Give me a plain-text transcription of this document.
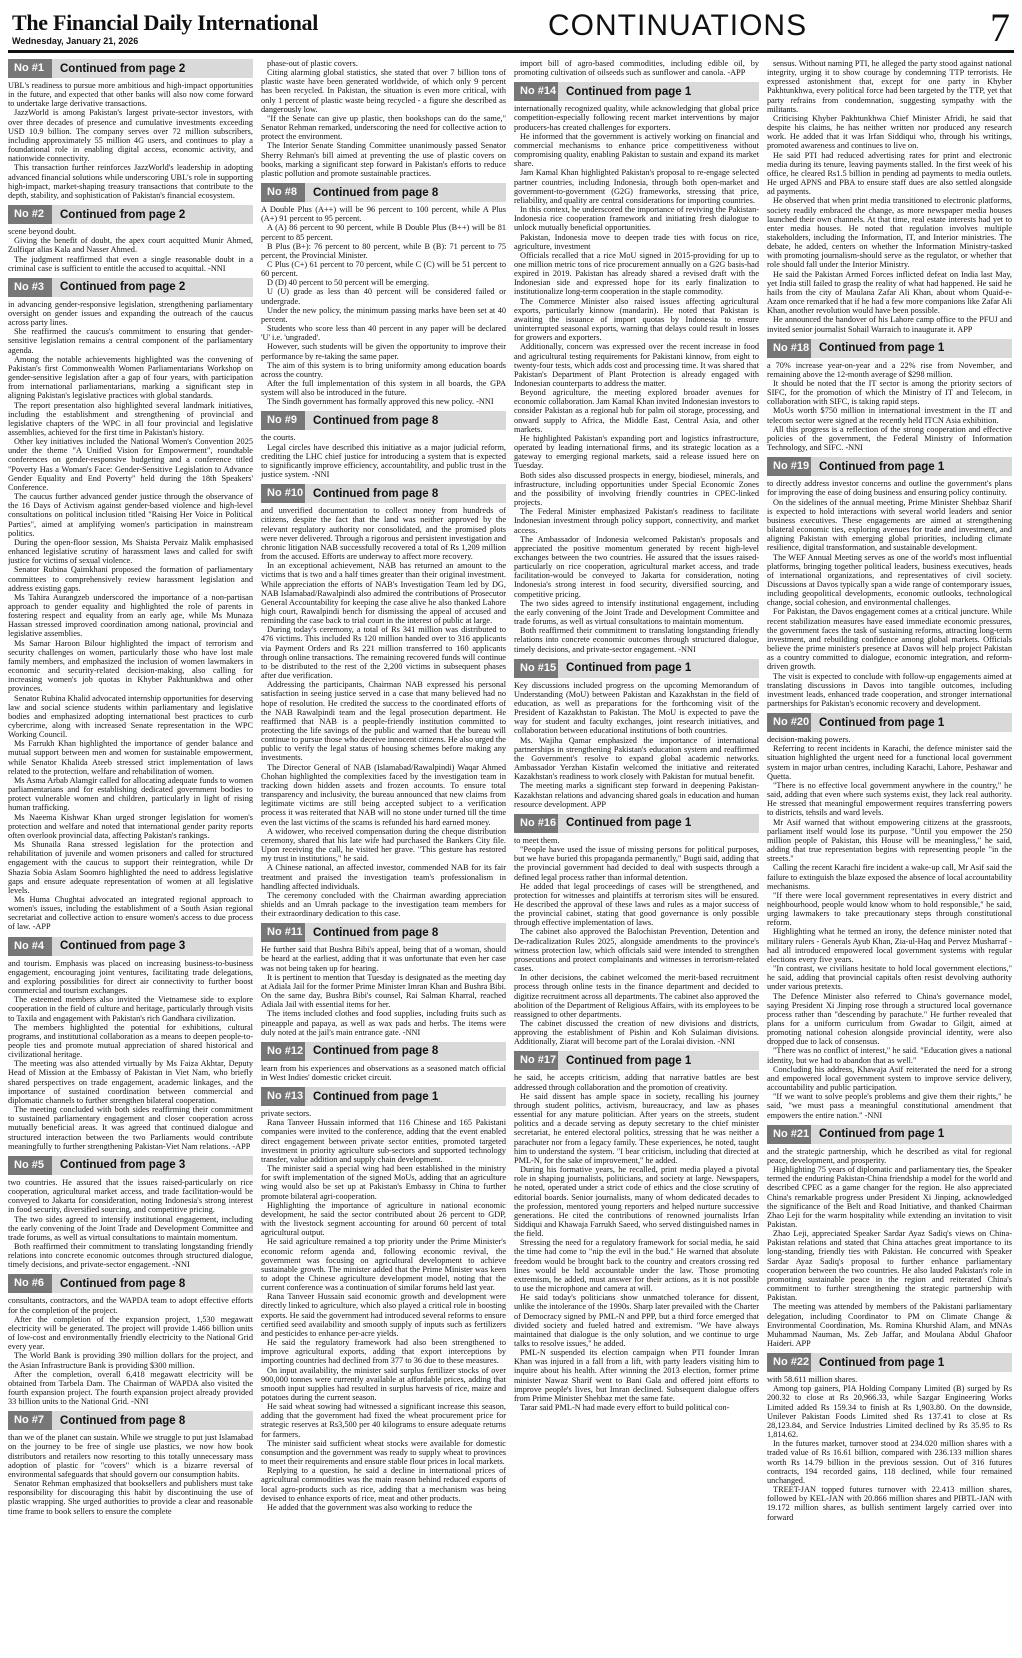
The Financial Daily International
Wednesday, January 21, 2026	CONTINUATIONS	7
No #1	Continued from page 2

UBL's readiness to pursue more ambitious and high-impact opportunities in the future, and expected that other banks will also now come forward to undertake large derivative transactions.

JazzWorld is among Pakistan's largest private-sector investors, with over three decades of presence and cumulative investments exceeding USD 10.9 billion. The company serves over 72 million subscribers, including approximately 55 million 4G users, and continues to play a foundational role in enabling digital access, economic activity, and nationwide connectivity.

This transaction further reinforces JazzWorld's leadership in adopting advanced financial solutions while underscoring UBL's role in supporting high-impact, market-shaping treasury transactions that contribute to the depth, stability, and sophistication of Pakistan's financial ecosystem.

No #2	Continued from page 2

scene beyond doubt.

Giving the benefit of doubt, the apex court acquitted Munir Ahmed, Zulfiqar alias Kala and Nasser Ahmed.

The judgment reaffirmed that even a single reasonable doubt in a criminal case is sufficient to entitle the accused to acquittal. -NNI

No #3	Continued from page 2

in advancing gender-responsive legislation, strengthening parliamentary oversight on gender issues and expanding the outreach of the caucus across party lines.

She reaffirmed the caucus's commitment to ensuring that gender-sensitive legislation remains a central component of the parliamentary agenda.

Among the notable achievements highlighted was the convening of Pakistan's first Commonwealth Women Parliamentarians Workshop on gender-sensitive legislation after a gap of four years, with participation from international parliamentarians, marking a significant step in aligning Pakistan's legislative practices with global standards.

The report presentation also highlighted several landmark initiatives, including the establishment and strengthening of provincial and legislative chapters of the WPC in all four provincial and legislative assemblies, achieved for the first time in Pakistan's history.

Other key initiatives included the National Women's Convention 2025 under the theme "A Unified Vision for Empowerment", roundtable conferences on gender-responsive budgeting and a conference titled "Poverty Has a Woman's Face: Gender-Sensitive Legislation to Advance Gender Equality and End Poverty" held during the 18th Speakers' Conference.

The caucus further advanced gender justice through the observance of the 16 Days of Activism against gender-based violence and high-level consultations on political inclusion titled "Raising Her Voice in Political Parties", aimed at amplifying women's participation in mainstream politics.

During the open-floor session, Ms Shaista Pervaiz Malik emphasised enhanced legislative scrutiny of harassment laws and called for swift justice for victims of sexual violence.

Senator Rubina Qaimkhani proposed the formation of parliamentary committees to comprehensively review harassment legislation and address existing gaps.

Ms Tahira Aurangzeb underscored the importance of a non-partisan approach to gender equality and highlighted the role of parents in fostering respect and equality from an early age, while Ms Munaza Hassan stressed improved coordination among national, provincial and legislative assemblies.

Ms Samar Haroon Bilour highlighted the impact of terrorism and security challenges on women, particularly those who have lost male family members, and emphasized the inclusion of women lawmakers in economic and security-related decision-making, also calling for increasing women's job quotas in Khyber Pakhtunkhwa and other provinces.

Senator Rubina Khalid advocated internship opportunities for deserving law and social science students within parliamentary and legislative bodies and emphasized adopting international best practices to curb cybercrime, along with increased Senate representation in the WPC Working Council.

Ms Farrukh Khan highlighted the importance of gender balance and mutual support between men and women for sustainable empowerment, while Senator Khalida Ateeb stressed strict implementation of laws related to the protection, welfare and rehabilitation of women.

Ms Asma Arbab Alamgir called for allocating adequate funds to women parliamentarians and for establishing dedicated government bodies to protect vulnerable women and children, particularly in light of rising human trafficking.

Ms Naeema Kishwar Khan urged stronger legislation for women's protection and welfare and noted that international gender parity reports often overlook provincial data, affecting Pakistan's rankings.

Ms Shunaila Rana stressed legislation for the protection and rehabilitation of juvenile and women prisoners and called for structured engagement with the caucus to support their reintegration, while Dr Shazia Sobia Aslam Soomro highlighted the need to address legislative gaps and ensure adequate representation of women at all legislative levels.

Ms Huma Chughtai advocated an integrated regional approach to women's issues, including the establishment of a South Asian regional secretariat and collective action to ensure women's access to due process of law. -APP

No #4	Continued from page 3

and tourism. Emphasis was placed on increasing business-to-business engagement, encouraging joint ventures, facilitating trade delegations, and exploring possibilities for direct air connectivity to further boost commercial and tourism exchanges.

The esteemed members also invited the Vietnamese side to explore cooperation in the field of culture and heritage, particularly through visits to Taxila and engagement with Pakistan's rich Gandhara civilization.

The members highlighted the potential for exhibitions, cultural programs, and institutional collaboration as a means to deepen people-to-people ties and promote mutual appreciation of shared historical and civilizational heritage.

The meeting was also attended virtually by Ms Faiza Akhtar, Deputy Head of Mission at the Embassy of Pakistan in Viet Nam, who briefly shared perspectives on trade engagement, academic linkages, and the importance of sustained coordination between commercial and diplomatic channels to further strengthen bilateral cooperation.

The meeting concluded with both sides reaffirming their commitment to sustained parliamentary engagement and closer cooperation across mutually beneficial areas. It was agreed that continued dialogue and structured interaction between the two Parliaments would contribute meaningfully to further strengthening Pakistan-Viet Nam relations. -APP

No #5	Continued from page 3

two countries. He assured that the issues raised-particularly on rice cooperation, agricultural market access, and trade facilitation-would be conveyed to Jakarta for consideration, noting Indonesia's strong interest in food security, diversified sourcing, and competitive pricing.

The two sides agreed to intensify institutional engagement, including the early convening of the Joint Trade and Development Committee and trade forums, as well as virtual consultations to maintain momentum.

Both reaffirmed their commitment to translating longstanding friendly relations into concrete economic outcomes through structured dialogue, timely decisions, and private-sector engagement. -NNI

No #6	Continued from page 8

consultants, contractors, and the WAPDA team to adopt effective efforts for the completion of the project.

After the completion of the expansion project, 1,530 megawatt electricity will be generated. The project will provide 1.466 billion units of low-cost and environmentally friendly electricity to the National Grid every year.

The World Bank is providing 390 million dollars for the project, and the Asian Infrastructure Bank is providing $300 million.

After the completion, overall 6,418 megawatt electricity will be obtained from Tarbela Dam. The Chairman of WAPDA also visited the fourth expansion project. The fourth expansion project already provided 33 billion units to the National Grid. -NNI

No #7	Continued from page 8

than we of the planet can sustain. While we struggle to put just Islamabad on the journey to be free of single use plastics, we now how book distributors and retailers now resorting to this totally unnecessary mass adoption of plastic for "covers" which is a bizarre reversal of environmental safeguards that should govern our consumption habits.

Senator Rehman emphasized that booksellers and publishers must take responsibility for discouraging this habit by discontinuing the use of plastic wrapping. She urged authorities to provide a clear and reasonable time frame to book sellers to ensure the complete

phase-out of plastic covers.

Citing alarming global statistics, she stated that over 7 billion tons of plastic waste have been generated worldwide, of which only 9 percent has been recycled. In Pakistan, the situation is even more critical, with only 1 percent of plastic waste being recycled - a figure she described as dangerously low.

"If the Senate can give up plastic, then bookshops can do the same," Senator Rehman remarked, underscoring the need for collective action to protect the environment.

The Interior Senate Standing Committee unanimously passed Senator Sherry Rehman's bill aimed at preventing the use of plastic covers on books, marking a significant step forward in Pakistan's efforts to reduce plastic pollution and promote sustainable practices.

No #8	Continued from page 8

A Double Plus (A++) will be 96 percent to 100 percent, while A Plus (A+) 91 percent to 95 percent.

A (A) 86 percent to 90 percent, while B Double Plus (B++) will be 81 percent to 85 percent.

B Plus (B+): 76 percent to 80 percent, while B (B): 71 percent to 75 percent, the Provincial Minister.

C Plus (C+) 61 percent to 70 percent, while C (C) will be 51 percent to 60 percent.

D (D) 40 percent to 50 percent will be emerging.

U (U) grade as less than 40 percent will be considered failed or undergrade.

Under the new policy, the minimum passing marks have been set at 40 percent.

Students who score less than 40 percent in any paper will be declared 'U' i.e. 'ungraded'.

However, such students will be given the opportunity to improve their performance by re-taking the same paper.

The aim of this system is to bring uniformity among education boards across the country.

After the full implementation of this system in all boards, the GPA system will also be introduced in the future.

The Sindh government has formally approved this new policy. -NNI

No #9	Continued from page 8

the courts.

Legal circles have described this initiative as a major judicial reform, crediting the LHC chief justice for introducing a system that is expected to significantly improve efficiency, accountability, and public trust in the justice system. -NNI

No #10 Continued from page 8

and unverified documentation to collect money from hundreds of citizens, despite the fact that the land was neither approved by the relevant regulatory authority nor consolidated, and the promised plots were never delivered. Through a rigorous and persistent investigation and chronic litigation NAB successfully recovered a total of Rs 1,209 million from the accused. Efforts are underway to affect more recovery.

In an exceptional achievement, NAB has returned an amount to the victims that is two and a half times greater than their original investment. While appreciation the efforts of NAB's Investigation Team led by DG, NAB Islamabad/Rawalpindi also admired the contributions of Prosecutor General Accountability for keeping the case alive he also thanked Lahore high court, Rawalpindi bench for dismissing the appeal of accused and reminding the case back to trial court in the interest of public at large.

During today's ceremony, a total of Rs 341 million was distributed to 476 victims. This included Rs 120 million handed over to 316 applicants via Payment Orders and Rs 221 million transferred to 160 applicants through online transactions. The remaining recovered funds will continue to be distributed to the rest of the 2,200 victims in subsequent phases after due verification.

Addressing the participants, Chairman NAB expressed his personal satisfaction in seeing justice served in a case that many believed had no hope of resolution. He credited the success to the coordinated efforts of the NAB Rawalpindi team and the legal prosecution department. He reaffirmed that NAB is a people-friendly institution committed to protecting the life savings of the public and warned that the bureau will continue to pursue those who deceive innocent citizens. He also urged the public to verify the legal status of housing schemes before making any investments.

The Director General of NAB (Islamabad/Rawalpindi) Waqar Ahmed Chohan highlighted the complexities faced by the investigation team in tracking down hidden assets and frozen accounts. To ensure total transparency and inclusivity, the bureau announced that new claims from legitimate victims are still being accepted subject to a verification process it was reiterated that NAB will no stone under turned till the time even the last victims of the scams is refunded his hard earned money.

A widower, who received compensation during the cheque distribution ceremony, shared that his late wife had purchased the Bankers City file. Upon receiving the call, he visited her grave. "This gesture has restored my trust in institutions," he said.

A Chinese national, an affected investor, commended NAB for its fair treatment and praised the investigation team's professionalism in handling affected individuals.

The ceremony concluded with the Chairman awarding appreciation shields and an Umrah package to the investigation team members for their extraordinary dedication to this case.

No #11 Continued from page 8

He further said that Bushra Bibi's appeal, being that of a woman, should be heard at the earliest, adding that it was unfortunate that even her case was not being taken up for hearing.

It is pertinent to mention that Tuesday is designated as the meeting day at Adiala Jail for the former Prime Minister Imran Khan and Bushra Bibi. On the same day, Bushra Bibi's counsel, Rai Salman Kharral, reached Adiala Jail with essential items for her.

The items included clothes and food supplies, including fruits such as pineapple and papaya, as well as wax pads and herbs. The items were duly noted at the jail's main entrance gate. -NNI

No #12 Continued from page 8

learn from his experiences and observations as a seasoned match official in West Indies' domestic cricket circuit.

No #13 Continued from page 1

private sectors.

Rana Tanveer Hussain informed that 116 Chinese and 165 Pakistani companies were invited to the conference, adding that the event enabled direct engagement between private sector entities, promoted targeted investment in priority agriculture sub-sectors and supported technology transfer, value addition and supply chain development.

The minister said a special wing had been established in the ministry for swift implementation of the signed MoUs, adding that an agriculture wing would also be set up at Pakistan's Embassy in China to further promote bilateral agri-cooperation.

Highlighting the importance of agriculture in national economic development, he said the sector contributed about 26 percent to GDP, with the livestock segment accounting for around 60 percent of total agricultural output.

He said agriculture remained a top priority under the Prime Minister's economic reform agenda and, following economic revival, the government was focusing on agricultural development to achieve sustainable growth. The minister added that the Prime Minister was keen to adopt the Chinese agriculture development model, noting that the current conference was a continuation of similar forums held last year.

Rana Tanveer Hussain said economic growth and development were directly linked to agriculture, which also played a critical role in boosting exports. He said the government had introduced several reforms to ensure certified seed availability and smooth supply of inputs such as fertilizers and pesticides to enhance per-acre yields.

He said the regulatory framework had also been strengthened to improve agricultural exports, adding that export interceptions by importing countries had declined from 377 to 36 due to these measures.

On input availability, the minister said surplus fertilizer stocks of over 900,000 tonnes were currently available at affordable prices, adding that smooth input supplies had resulted in surplus harvests of rice, maize and potatoes during the current season.

He said wheat sowing had witnessed a significant increase this season, adding that the government had fixed the wheat procurement price for strategic reserves at Rs3,500 per 40 kilograms to ensure adequate returns for farmers.

The minister said sufficient wheat stocks were available for domestic consumption and the government was ready to supply wheat to provinces to meet their requirements and ensure stable flour prices in local markets.

Replying to a question, he said a decline in international prices of agricultural commodities was the main reason behind reduced exports of local agro-products such as rice, adding that a mechanism was being devised to enhance exports of rice, meat and other products.

He added that the government was also working to reduce the

import bill of agro-based commodities, including edible oil, by promoting cultivation of oilseeds such as sunflower and canola. -APP

No #14 Continued from page 1

internationally recognized quality, while acknowledging that global price competition-especially following recent market interventions by major producers-has created challenges for exporters.

He informed that the government is actively working on financial and commercial mechanisms to enhance price competitiveness without compromising quality, enabling Pakistan to sustain and expand its market share.

Jam Kamal Khan highlighted Pakistan's proposal to re-engage selected partner countries, including Indonesia, through both open-market and government-to-government (G2G) frameworks, stressing that price, reliability, and quality are central considerations for importing countries.

In this context, he underscored the importance of reviving the Pakistan-Indonesia rice cooperation framework and initiating fresh dialogue to unlock mutually beneficial opportunities.

Pakistan, Indonesia move to deepen trade ties with focus on rice, agriculture, investment

Officials recalled that a rice MoU signed in 2015-providing for up to one million metric tons of rice procurement annually on a G2G basis-had expired in 2019. Pakistan has already shared a revised draft with the Indonesian side and expressed hope for its early finalization to institutionalize long-term cooperation in the staple commodity.

The Commerce Minister also raised issues affecting agricultural exports, particularly kinnow (mandarin). He noted that Pakistan is awaiting the issuance of import quotas by Indonesia to ensure uninterrupted seasonal exports, warning that delays could result in losses for growers and exporters.

Additionally, concern was expressed over the recent increase in food and agricultural testing requirements for Pakistani kinnow, from eight to twenty-four tests, which adds cost and processing time. It was shared that Pakistan's Department of Plant Protection is already engaged with Indonesian counterparts to address the matter.

Beyond agriculture, the meeting explored broader avenues for economic collaboration. Jam Kamal Khan invited Indonesian investors to consider Pakistan as a regional hub for palm oil storage, processing, and onward supply to Africa, the Middle East, Central Asia, and other markets.

He highlighted Pakistan's expanding port and logistics infrastructure, operated by leading international firms, and its strategic location as a gateway to emerging regional markets, said a release issued here on Tuesday.

Both sides also discussed prospects in energy, biodiesel, minerals, and infrastructure, including opportunities under Special Economic Zones and the possibility of involving friendly countries in CPEC-linked projects.

The Federal Minister emphasized Pakistan's readiness to facilitate Indonesian investment through policy support, connectivity, and market access.

The Ambassador of Indonesia welcomed Pakistan's proposals and appreciated the positive momentum generated by recent high-level exchanges between the two countries. He assured that the issues raised-particularly on rice cooperation, agricultural market access, and trade facilitation-would be conveyed to Jakarta for consideration, noting Indonesia's strong interest in food security, diversified sourcing, and competitive pricing.

The two sides agreed to intensify institutional engagement, including the early convening of the Joint Trade and Development Committee and trade forums, as well as virtual consultations to maintain momentum.

Both reaffirmed their commitment to translating longstanding friendly relations into concrete economic outcomes through structured dialogue, timely decisions, and private-sector engagement. -NNI

No #15 Continued from page 1

Key discussions included progress on the upcoming Memorandum of Understanding (MoU) between Pakistan and Kazakhstan in the field of education, as well as preparations for the forthcoming visit of the President of Kazakhstan to Pakistan. The MoU is expected to pave the way for student and faculty exchanges, joint research initiatives, and collaboration between educational institutions of both countries.

Ms. Wajiha Qamar emphasized the importance of international partnerships in strengthening Pakistan's education system and reaffirmed the Government's resolve to expand global academic networks. Ambassador Yerzhan Kistafin welcomed the initiative and reiterated Kazakhstan's readiness to work closely with Pakistan for mutual benefit.

The meeting marks a significant step forward in deepening Pakistan-Kazakhstan relations and advancing shared goals in education and human resource development. APP

No #16 Continued from page 1

to meet them.

"People have used the issue of missing persons for political purposes, but we have buried this propaganda permanently," Bugti said, adding that the provincial government had decided to deal with suspects through a defined legal process rather than informal detention.

He added that legal proceedings of cases will be strengthened, and protection for witnesses and plaintiffs at terrorism sites will be ensured. He described the approval of these laws and rules as a major success of the provincial cabinet, stating that good governance is only possible through effective implementation of laws.

The cabinet also approved the Balochistan Prevention, Detention and De-radicalization Rules 2025, alongside amendments to the province's witness protection law, which officials said were intended to strengthen prosecutions and protect complainants and witnesses in terrorism-related cases.

In other decisions, the cabinet welcomed the merit-based recruitment process through online tests in the finance department and decided to digitize recruitment across all departments. The cabinet also approved the abolition of the Department of Religious Affairs, with its employees to be reassigned to other departments.

The cabinet discussed the creation of new divisions and districts, approving the establishment of Pishin and Koh Sulaiman divisions. Additionally, Ziarat will become part of the Loralai division. -NNI

No #17 Continued from page 1

he said, he accepts criticism, adding that narrative battles are best addressed through collaboration and the promotion of creativity.

He said dissent has ample space in society, recalling his journey through student politics, activism, bureaucracy, and law as phases essential for any mature politician. After years on the streets, student politics and a decade serving as deputy secretary to the chief minister secretariat, he entered electoral politics, stressing that he was neither a parachuter nor from a legacy family. These experiences, he noted, taught him to understand the system. "I bear criticism, including that directed at PML-N, for the sake of improvement," he added.

During his formative years, he recalled, print media played a pivotal role in shaping journalists, politicians, and society at large. Newspapers, he noted, operated under a strict code of ethics and the close scrutiny of editorial boards. Senior journalists, many of whom dedicated decades to the profession, mentored young reporters and helped nurture successive generations. He cited the contributions of renowned journalists Irfan Siddiqui and Khawaja Farrukh Saeed, who served distinguished names in the field.

Stressing the need for a regulatory framework for social media, he said the time had come to "nip the evil in the bud." He warned that absolute freedom would be brought back to the country and creators crossing red lines would be held accountable under the law. Those promoting extremism, he added, must answer for their actions, as it is not possible to use the microphone and camera at will.

He said today's politicians show unmatched tolerance for dissent, unlike the intolerance of the 1990s. Sharp later prevailed with the Charter of Democracy signed by PML-N and PPP, but a third force emerged that divided society and fueled hatred and extremism. "We have always maintained that dialogue is the only solution, and we continue to urge talks to resolve issues," he added.

PML-N suspended its election campaign when PTI founder Imran Khan was injured in a fall from a lift, with party leaders visiting him to inquire about his health. After winning the 2013 election, former prime minister Nawaz Sharif went to Bani Gala and offered joint efforts to improve people's lives, but Imran declined. Subsequent dialogue offers from Prime Minister Shehbaz met the same fate.

Tarar said PML-N had made every effort to build political con-

sensus. Without naming PTI, he alleged the party stood against national integrity, urging it to show courage by condemning TTP terrorists. He expressed astonishment that, except for one party in Khyber Pakhtunkhwa, every political force had been targeted by the TTP, yet that party refrains from condemnation, suggesting sympathy with the militants.

Criticising Khyber Pakhtunkhwa Chief Minister Afridi, he said that despite his claims, he has neither written nor produced any research work. He added that it was Irfan Siddiqui who, through his writings, promoted awareness and continues to live on.

He said PTI had reduced advertising rates for print and electronic media during its tenure, leaving payments stalled. In the first week of his office, he cleared Rs1.5 billion in pending ad payments to media outlets. He urged APNS and PBA to ensure staff dues are also settled alongside ad payments.

He observed that when print media transitioned to electronic platforms, society readily embraced the change, as more newspaper media houses launched their own channels. At that time, real estate interests had yet to enter media houses. He noted that regulation involves multiple stakeholders, including the Information, IT, and Interior ministries. The debate, he added, centers on whether the Information Ministry-tasked with promoting journalism-should serve as the regulator, or whether that role should fall under the Interior Ministry.

He said the Pakistan Armed Forces inflicted defeat on India last May, yet India still failed to grasp the reality of what had happened. He said he hails from the city of Maulana Zafar Ali Khan, about whom Quaid-e-Azam once remarked that if he had a few more companions like Zafar Ali Khan, another revolution would have been possible.

He announced the handover of his Lahore camp office to the PFUJ and invited senior journalist Sohail Warraich to inaugurate it. APP

No #18 Continued from page 1

a 70% increase year-on-year and a 22% rise from November, and remaining above the 12-month average of $298 million.

It should be noted that the IT sector is among the priority sectors of SIFC, for the promotion of which the Ministry of IT and Telecom, in collaboration with SIFC, is taking rapid steps.

MoUs worth $750 million in international investment in the IT and telecom sector were signed at the recently held ITCN Asia exhibition.

All this progress is a reflection of the strong cooperation and effective policies of the government, the Federal Ministry of Information Technology, and SIFC. -NNI

No #19 Continued from page 1

to directly address investor concerns and outline the government's plans for improving the ease of doing business and ensuring policy continuity.

On the sidelines of the annual meeting, Prime Minister Shehbaz Sharif is expected to hold interactions with several world leaders and senior business executives. These engagements are aimed at strengthening bilateral economic ties, exploring avenues for trade and investment, and aligning Pakistan with emerging global priorities, including climate resilience, digital transformation, and sustainable development.

The WEF Annual Meeting serves as one of the world's most influential platforms, bringing together political leaders, business executives, heads of international organizations, and representatives of civil society. Discussions at Davos typically span a wide range of contemporary issues, including geopolitical developments, economic outlooks, technological change, social cohesion, and environmental challenges.

For Pakistan, the Davos engagement comes at a critical juncture. While recent stabilization measures have eased immediate economic pressures, the government faces the task of sustaining reforms, attracting long-term investment, and rebuilding confidence among global markets. Officials believe the prime minister's presence at Davos will help project Pakistan as a country committed to dialogue, economic integration, and reform-driven growth.

The visit is expected to conclude with follow-up engagements aimed at translating discussions in Davos into tangible outcomes, including investment leads, enhanced trade cooperation, and stronger international partnerships for Pakistan's economic recovery and development.

No #20 Continued from page 1

decision-making powers.

Referring to recent incidents in Karachi, the defence minister said the situation highlighted the urgent need for a functional local government system in major urban centres, including Karachi, Lahore, Peshawar and Quetta.

"There is no effective local government anywhere in the country," he said, adding that even where such systems exist, they lack real authority. He stressed that meaningful empowerment requires transferring powers to districts, tehsils and ward levels.

Mr Asif warned that without empowering citizens at the grassroots, parliament itself would lose its purpose. "Until you empower the 250 million people of Pakistan, this House will be meaningless," he said, adding that true representation begins with representing people "in the streets."

Calling the recent Karachi fire incident a wake-up call, Mr Asif said the failure to extinguish the blaze exposed the absence of local accountability mechanisms.

"If there were local government representatives in every district and neighbourhood, people would know whom to hold responsible," he said, urging lawmakers to take precautionary steps through constitutional reform.

Highlighting what he termed an irony, the defence minister noted that military rulers - Generals Ayub Khan, Zia-ul-Haq and Pervez Musharraf - had all introduced empowered local government systems with regular elections every five years.

"In contrast, we civilians hesitate to hold local government elections," he said, adding that provincial capitals often resist devolving authority under various pretexts.

The Defence Minister also referred to China's governance model, saying President Xi Jinping rose through a structured local governance process rather than "descending by parachute." He further revealed that plans for a uniform curriculum from Gwadar to Gilgit, aimed at promoting national cohesion alongside provincial identity, were also dropped due to lack of consensus.

"There was no conflict of interest," he said. "Education gives a national identity, but we had to abandon that as well."

Concluding his address, Khawaja Asif reiterated the need for a strong and empowered local government system to improve service delivery, accountability and public participation.

"If we want to solve people's problems and give them their rights," he said, "we must pass a meaningful constitutional amendment that empowers the entire nation." -NNI

No #21 Continued from page 1

and the strategic partnership, which he described as vital for regional peace, development, and prosperity.

Highlighting 75 years of diplomatic and parliamentary ties, the Speaker termed the enduring Pakistan-China friendship a model for the world and described CPEC as a game changer for the region. He also appreciated China's remarkable progress under President Xi Jinping, acknowledged the significance of the Belt and Road Initiative, and thanked Chairman Zhao Leji for the warm hospitality while extending an invitation to visit Pakistan.

Zhao Leji, appreciated Speaker Sardar Ayaz Sadiq's views on China-Pakistan relations and stated that China attaches great importance to its long-standing, friendly ties with Pakistan. He concurred with Speaker Sardar Ayaz Sadiq's proposal to further enhance parliamentary cooperation between the two countries. He also lauded Pakistan's role in promoting sustainable peace in the region and reiterated China's commitment to further strengthening the strategic partnership with Pakistan.

The meeting was attended by members of the Pakistani parliamentary delegation, including Coordinator to PM on Climate Change & Environmental Coordination, Ms. Romina Khurshid Alam, and MNAs Muhammad Nauman, Ms. Zeb Jaffar, and Moulana Abdul Ghafoor Haideri. APP

No #22 Continued from page 1

with 58.611 million shares.

Among top gainers, PIA Holding Company Limited (B) surged by Rs 200.32 to close at Rs 20,966.33, while Sazgar Engineering Works Limited added Rs 159.34 to finish at Rs 1,903.80. On the downside, Unilever Pakistan Foods Limited shed Rs 137.41 to close at Rs 28,123.84, and Service Industries Limited declined by Rs 35.95 to Rs 1,814.62.

In the futures market, turnover stood at 234.020 million shares with a traded value of Rs 16.61 billion, compared with 236.133 million shares worth Rs 14.79 billion in the previous session. Out of 316 futures contracts, 194 recorded gains, 118 declined, while four remained unchanged.

TREET-JAN topped futures turnover with 22.413 million shares, followed by KEL-JAN with 20.866 million shares and PIBTL-JAN with 19.172 million shares, as bullish sentiment largely carried over into forward
